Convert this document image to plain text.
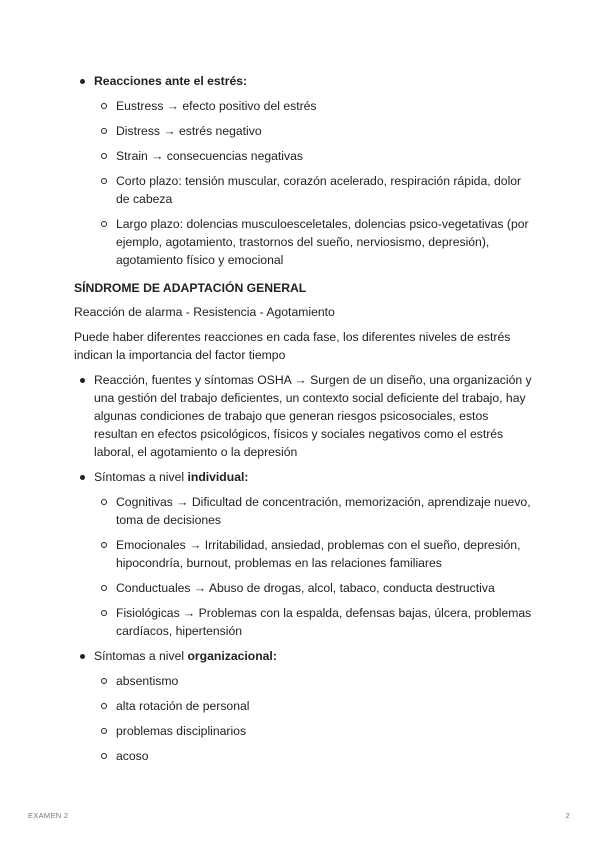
Reacciones ante el estrés:
Eustress → efecto positivo del estrés
Distress → estrés negativo
Strain → consecuencias negativas
Corto plazo: tensión muscular, corazón acelerado, respiración rápida, dolor de cabeza
Largo plazo: dolencias musculoesceletales, dolencias psico-vegetativas (por ejemplo, agotamiento, trastornos del sueño, nerviosismo, depresión), agotamiento físico y emocional

SÍNDROME DE ADAPTACIÓN GENERAL

Reacción de alarma - Resistencia - Agotamiento

Puede haber diferentes reacciones en cada fase, los diferentes niveles de estrés indican la importancia del factor tiempo

Reacción, fuentes y síntomas OSHA → Surgen de un diseño, una organización y una gestión del trabajo deficientes, un contexto social deficiente del trabajo, hay algunas condiciones de trabajo que generan riesgos psicosociales, estos resultan en efectos psicológicos, físicos y sociales negativos como el estrés laboral, el agotamiento o la depresión
Síntomas a nivel individual:
Cognitivas → Dificultad de concentración, memorización, aprendizaje nuevo, toma de decisiones
Emocionales → Irritabilidad, ansiedad, problemas con el sueño, depresión, hipocondría, burnout, problemas en las relaciones familiares
Conductuales → Abuso de drogas, alcol, tabaco, conducta destructiva
Fisiológicas → Problemas con la espalda, defensas bajas, úlcera, problemas cardíacos, hipertensión
Síntomas a nivel organizacional:
absentismo
alta rotación de personal
problemas disciplinarios
acoso
EXAMEN 2	2
